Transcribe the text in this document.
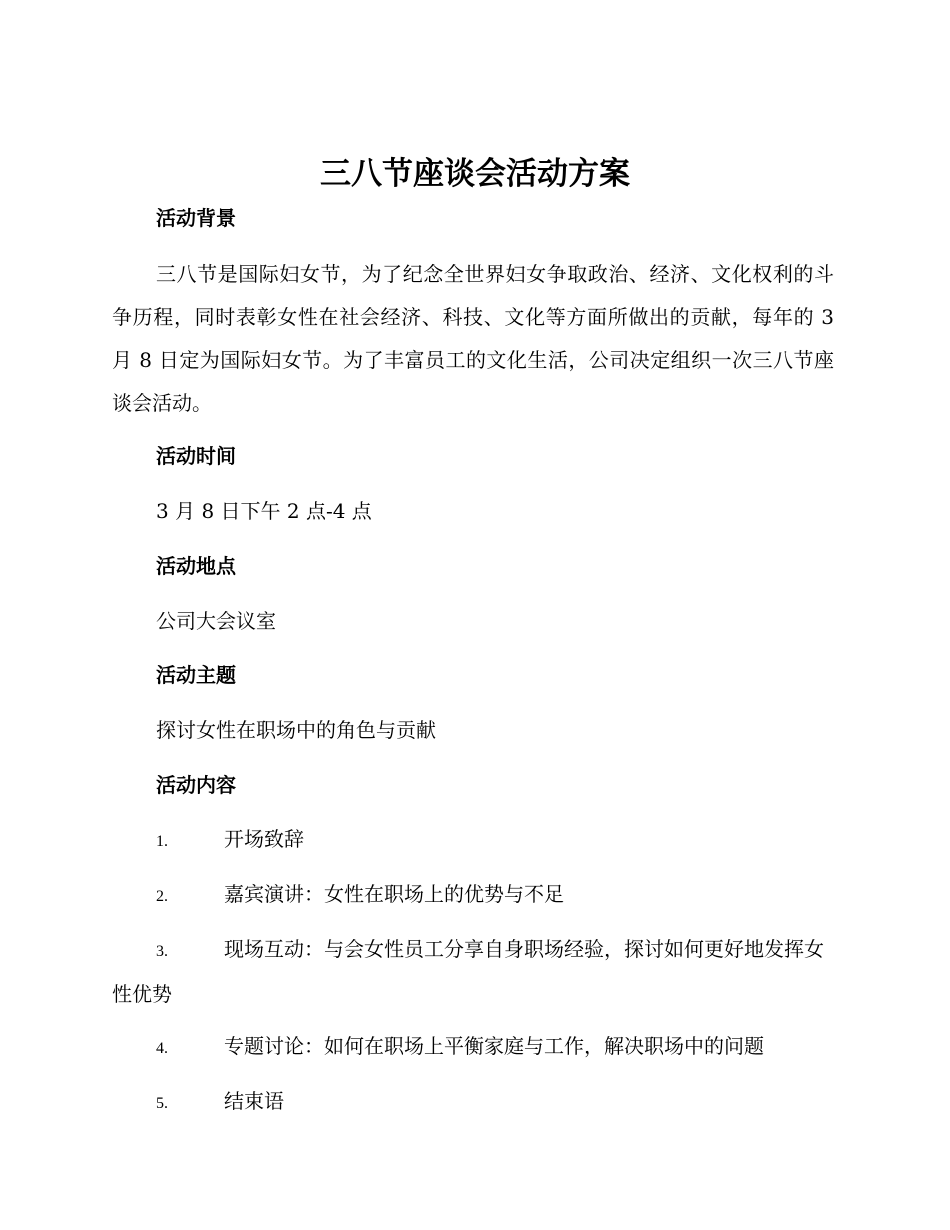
三八节座谈会活动方案
活动背景

三八节是国际妇女节，为了纪念全世界妇女争取政治、经济、文化权利的斗争历程，同时表彰女性在社会经济、科技、文化等方面所做出的贡献，每年的 3 月 8 日定为国际妇女节。为了丰富员工的文化生活，公司决定组织一次三八节座谈会活动。

活动时间

3 月 8 日下午 2 点-4 点

活动地点

公司大会议室

活动主题

探讨女性在职场中的角色与贡献

活动内容

1.	开场致辞

2.	嘉宾演讲：女性在职场上的优势与不足

3.	现场互动：与会女性员工分享自身职场经验，探讨如何更好地发挥女性优势

4.	专题讨论：如何在职场上平衡家庭与工作，解决职场中的问题

5.	结束语
